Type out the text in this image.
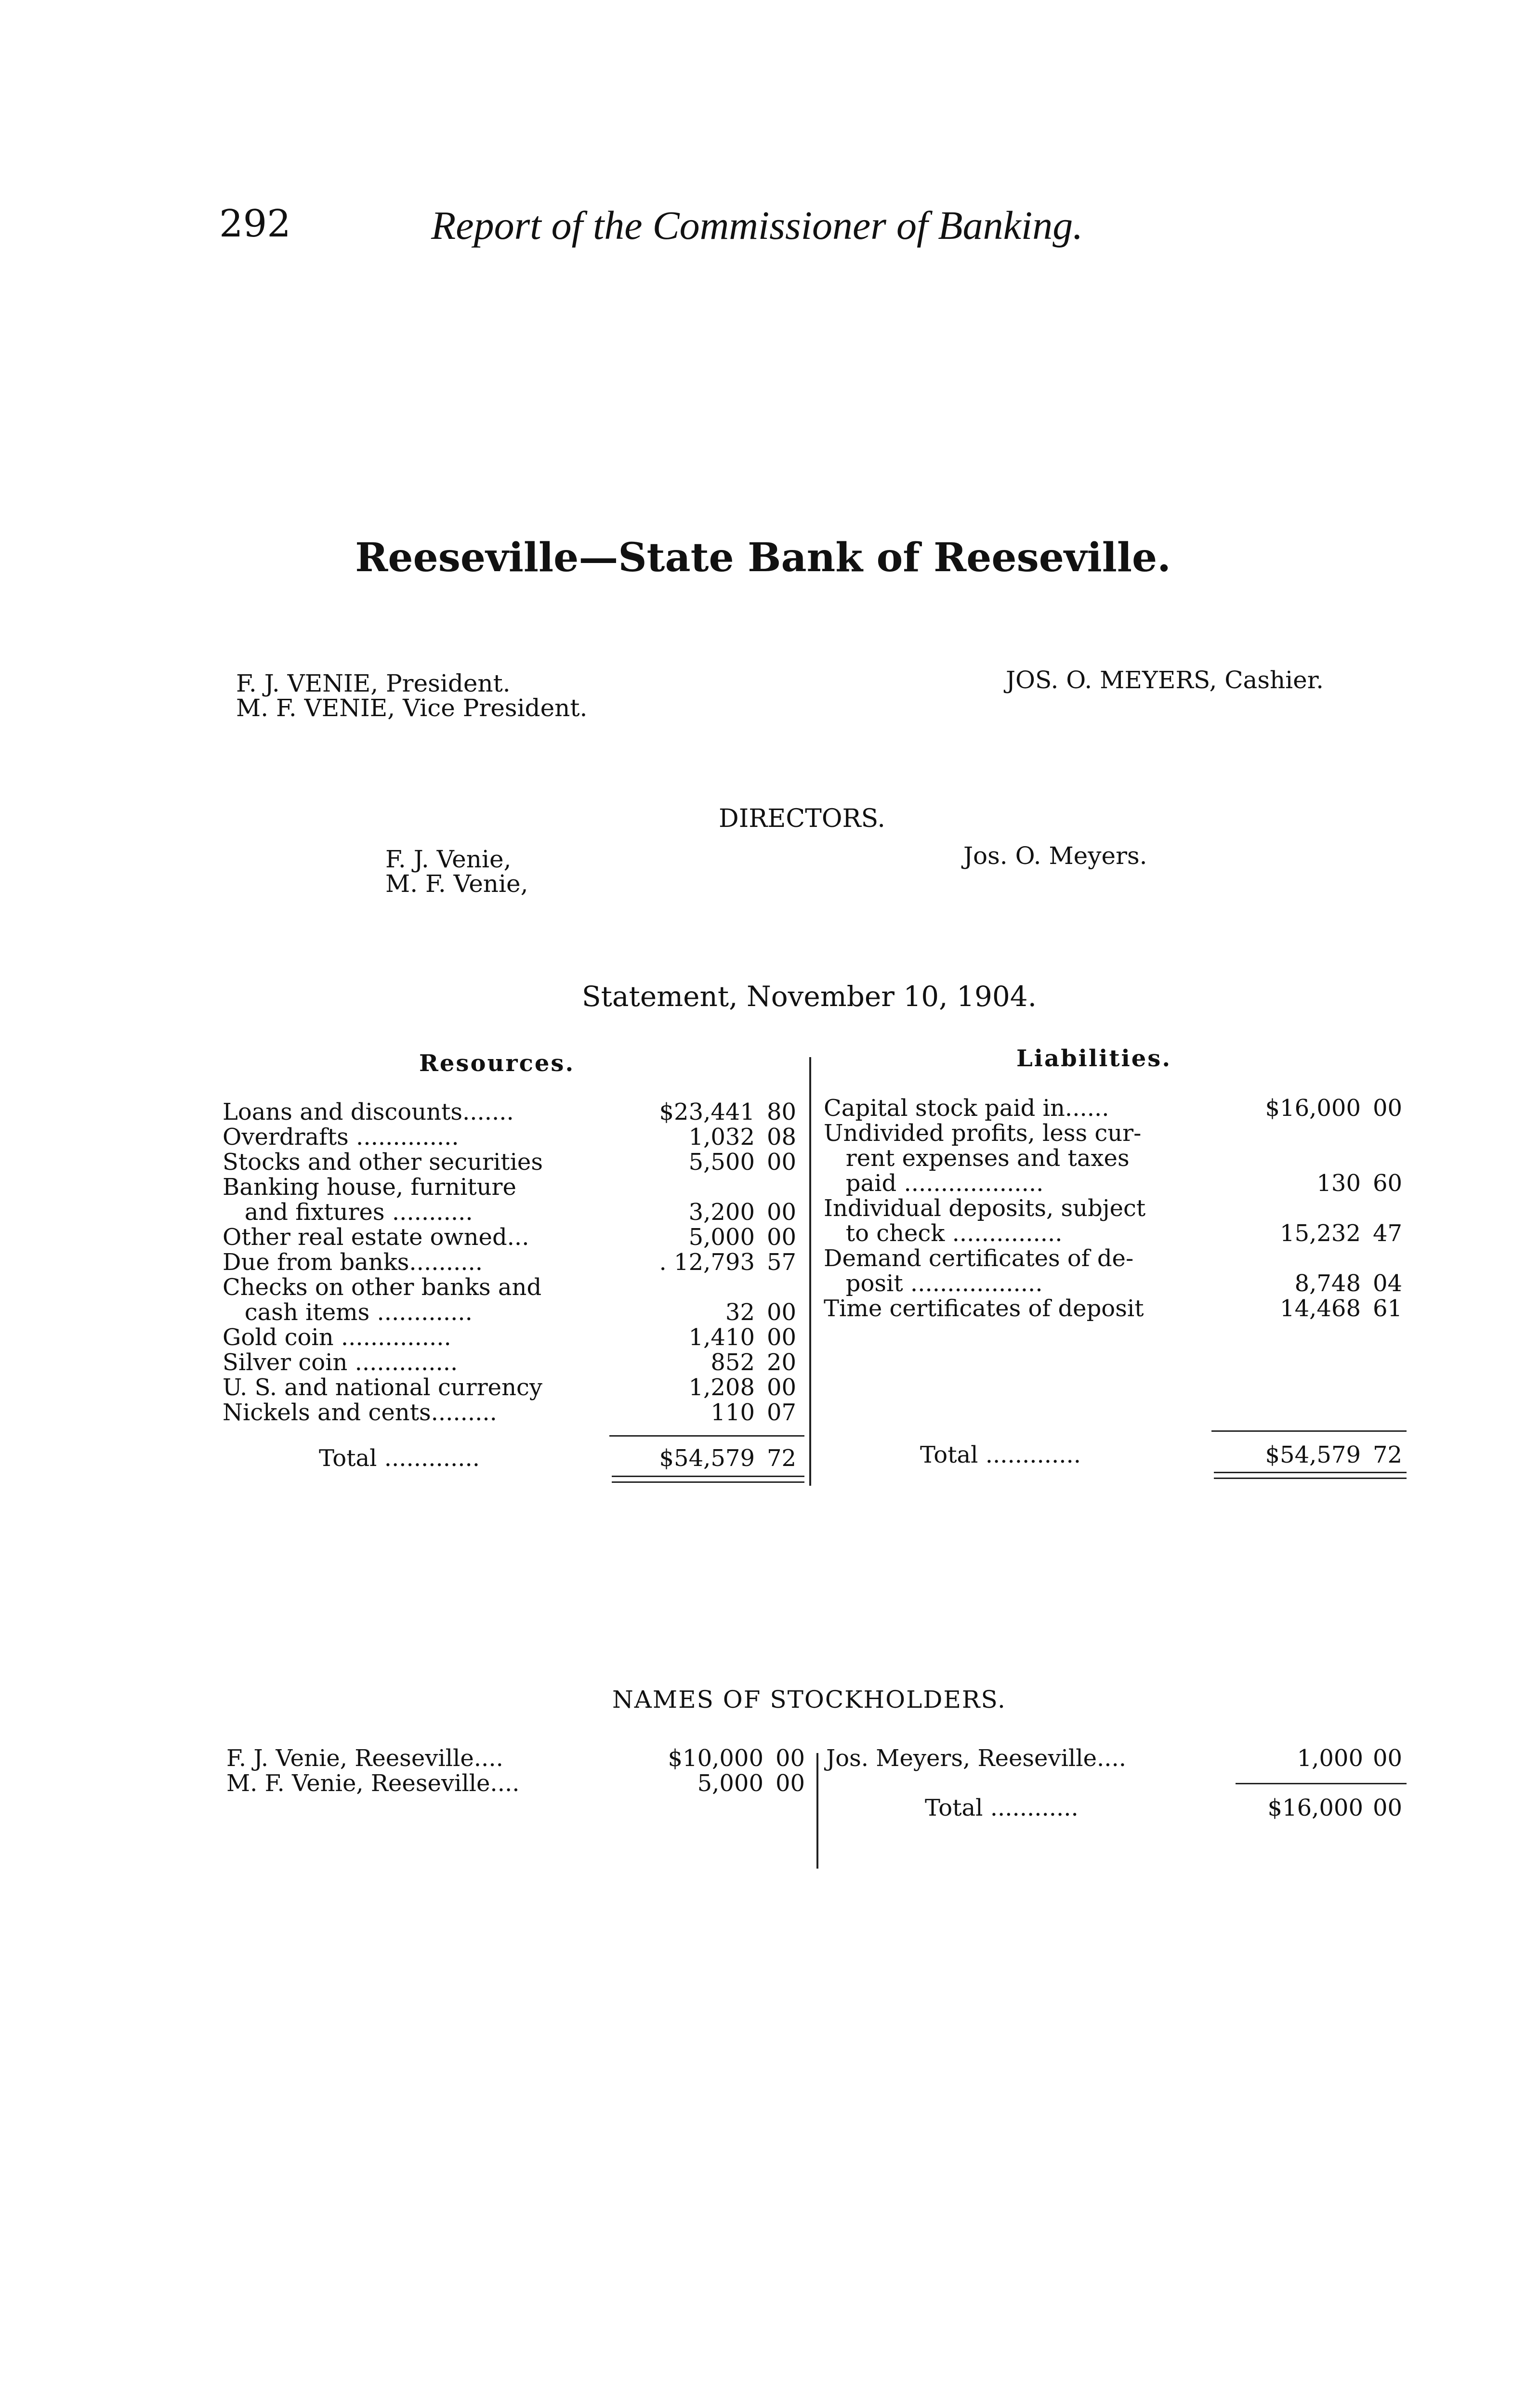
292	Report of the Commissioner of Banking.
Reeseville—State Bank of Reeseville.
F. J. VENIE, President.
M. F. VENIE, Vice President.
JOS. O. MEYERS, Cashier.
DIRECTORS.
F. J. Venie,
M. F. Venie,
Jos. O. Meyers.
Statement, November 10, 1904.
Resources.	Liabilities.
Loans and discounts.......	$23,441 80
Overdrafts ..............	1,032 08
Stocks and other securities	5,500 00
Banking house, furniture
and fixtures ...........	3,200 00
Other real estate owned...	5,000 00
Due from banks..........	. 12,793 57
Checks on other banks and
cash items .............	32 00
Gold coin ...............	1,410 00
Silver coin ..............	852 20
U. S. and national currency	1,208 00
Nickels and cents.........	110 07
Capital stock paid in......	$16,000 00
Undivided profits, less cur-
rent expenses and taxes
paid ...................	130 60
Individual deposits, subject
to check ...............	15,232 47
Demand certificates of de-
posit ..................	8,748 04
Time certificates of deposit	14,468 61
Total .............	$54,579 72	Total .............	$54,579 72
NAMES OF STOCKHOLDERS.
F. J. Venie, Reeseville....	$10,000 00
M. F. Venie, Reeseville....	5,000 00
Jos. Meyers, Reeseville....	1,000 00
Total ............	$16,000 00
